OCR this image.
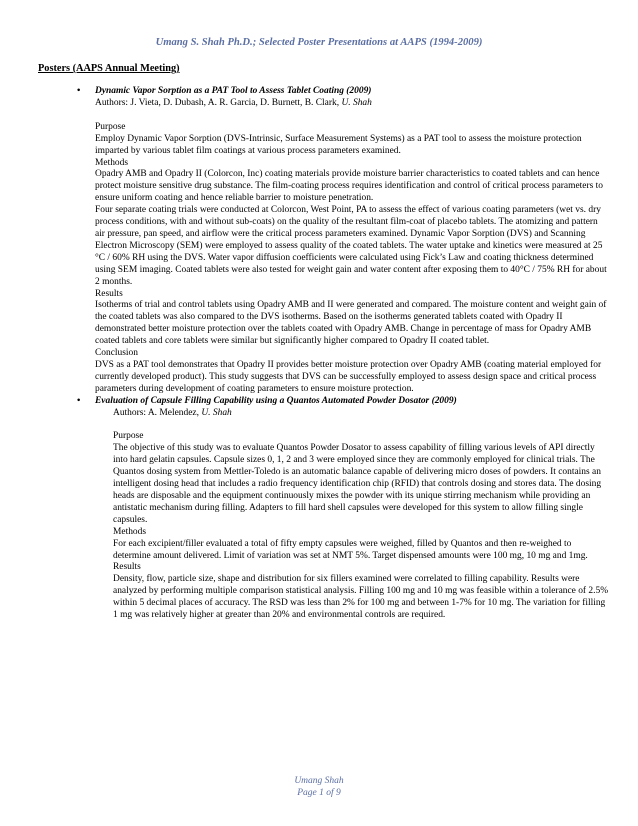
Umang S. Shah Ph.D.; Selected Poster Presentations at AAPS (1994-2009)
Posters (AAPS Annual Meeting)
• Dynamic Vapor Sorption as a PAT Tool to Assess Tablet Coating (2009)

Authors: J. Vieta, D. Dubash, A. R. Garcia, D. Burnett, B. Clark, U. Shah

Purpose

Employ Dynamic Vapor Sorption (DVS-Intrinsic, Surface Measurement Systems) as a PAT tool to assess the moisture protection imparted by various tablet film coatings at various process parameters examined.

Methods

Opadry AMB and Opadry II (Colorcon, Inc) coating materials provide moisture barrier characteristics to coated tablets and can hence protect moisture sensitive drug substance. The film-coating process requires identification and control of critical process parameters to ensure uniform coating and hence reliable barrier to moisture penetration.

Four separate coating trials were conducted at Colorcon, West Point, PA to assess the effect of various coating parameters (wet vs. dry process conditions, with and without sub-coats) on the quality of the resultant film-coat of placebo tablets. The atomizing and pattern air pressure, pan speed, and airflow were the critical process parameters examined. Dynamic Vapor Sorption (DVS) and Scanning Electron Microscopy (SEM) were employed to assess quality of the coated tablets. The water uptake and kinetics were measured at 25 °C / 60% RH using the DVS. Water vapor diffusion coefficients were calculated using Fick’s Law and coating thickness determined using SEM imaging. Coated tablets were also tested for weight gain and water content after exposing them to 40°C / 75% RH for about 2 months.

Results

Isotherms of trial and control tablets using Opadry AMB and II were generated and compared. The moisture content and weight gain of the coated tablets was also compared to the DVS isotherms. Based on the isotherms generated tablets coated with Opadry II demonstrated better moisture protection over the tablets coated with Opadry AMB. Change in percentage of mass for Opadry AMB coated tablets and core tablets were similar but significantly higher compared to Opadry II coated tablet.

Conclusion

DVS as a PAT tool demonstrates that Opadry II provides better moisture protection over Opadry AMB (coating material employed for currently developed product). This study suggests that DVS can be successfully employed to assess design space and critical process parameters during development of coating parameters to ensure moisture protection.

• Evaluation of Capsule Filling Capability using a Quantos Automated Powder Dosator (2009)

Authors: A. Melendez, U. Shah

Purpose

The objective of this study was to evaluate Quantos Powder Dosator to assess capability of filling various levels of API directly into hard gelatin capsules. Capsule sizes 0, 1, 2 and 3 were employed since they are commonly employed for clinical trials. The Quantos dosing system from Mettler-Toledo is an automatic balance capable of delivering micro doses of powders. It contains an intelligent dosing head that includes a radio frequency identification chip (RFID) that controls dosing and stores data. The dosing heads are disposable and the equipment continuously mixes the powder with its unique stirring mechanism while providing an antistatic mechanism during filling. Adapters to fill hard shell capsules were developed for this system to allow filling single capsules.

Methods

For each excipient/filler evaluated a total of fifty empty capsules were weighed, filled by Quantos and then re-weighed to determine amount delivered. Limit of variation was set at NMT 5%. Target dispensed amounts were 100 mg, 10 mg and 1mg.

Results

Density, flow, particle size, shape and distribution for six fillers examined were correlated to filling capability. Results were analyzed by performing multiple comparison statistical analysis. Filling 100 mg and 10 mg was feasible within a tolerance of 2.5% within 5 decimal places of accuracy. The RSD was less than 2% for 100 mg and between 1-7% for 10 mg. The variation for filling 1 mg was relatively higher at greater than 20% and environmental controls are required.

Umang Shah
Page 1 of 9
